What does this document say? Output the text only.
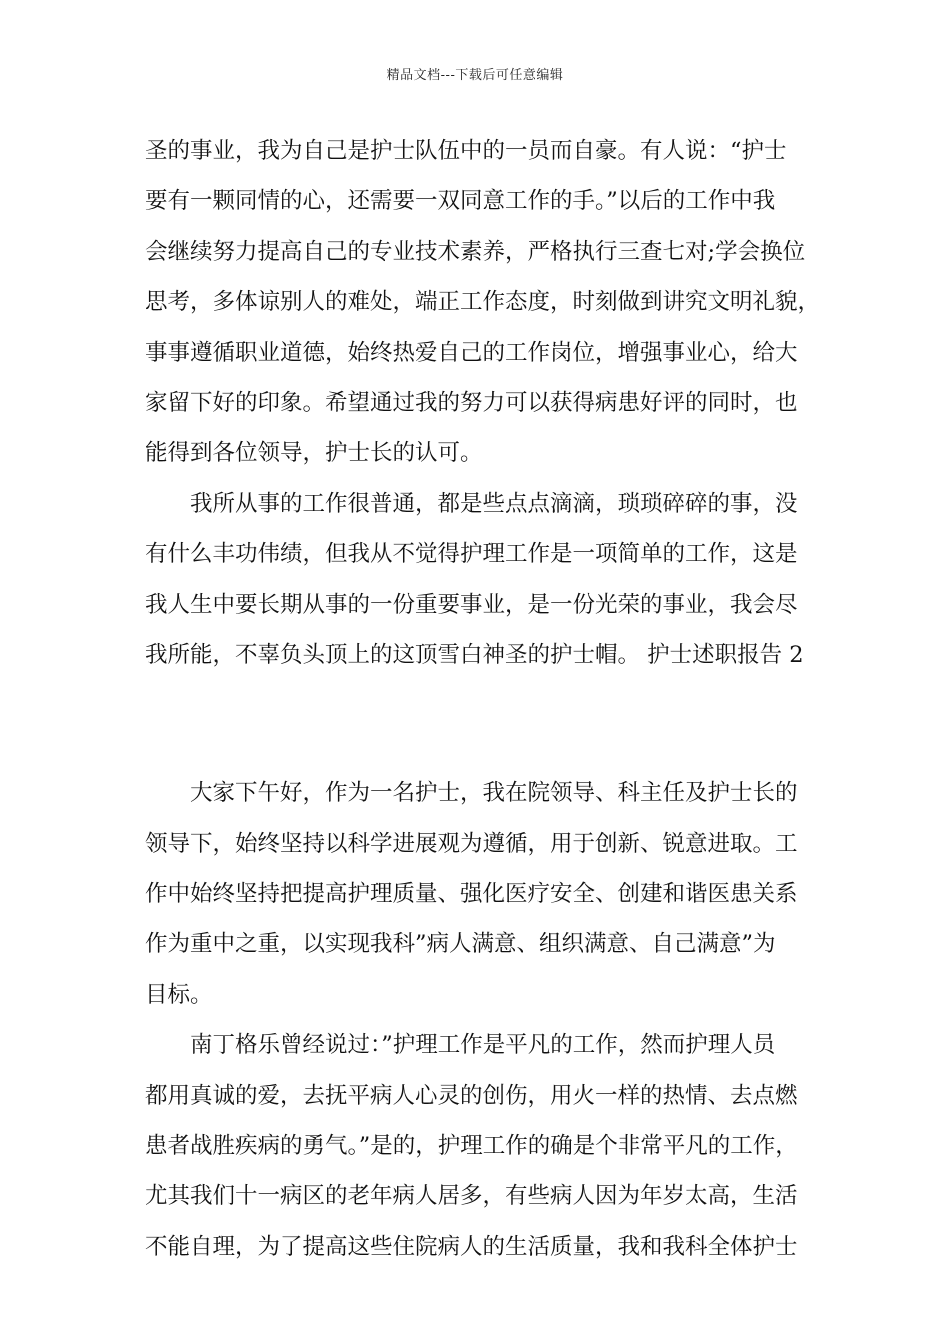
精品文档---下载后可任意编辑
圣的事业，我为自己是护士队伍中的一员而自豪。有人说：“护士
要有一颗同情的心，还需要一双同意工作的手。”以后的工作中我
会继续努力提高自己的专业技术素养，严格执行三查七对;学会换位
思考，多体谅别人的难处，端正工作态度，时刻做到讲究文明礼貌，
事事遵循职业道德，始终热爱自己的工作岗位，增强事业心，给大
家留下好的印象。希望通过我的努力可以获得病患好评的同时，也
能得到各位领导，护士长的认可。
我所从事的工作很普通，都是些点点滴滴，琐琐碎碎的事，没
有什么丰功伟绩，但我从不觉得护理工作是一项简单的工作，这是
我人生中要长期从事的一份重要事业，是一份光荣的事业，我会尽
我所能，不辜负头顶上的这顶雪白神圣的护士帽。 护士述职报告 2
大家下午好，作为一名护士，我在院领导、科主任及护士长的
领导下，始终坚持以科学进展观为遵循，用于创新、锐意进取。工
作中始终坚持把提高护理质量、强化医疗安全、创建和谐医患关系
作为重中之重，以实现我科”病人满意、组织满意、自己满意”为
目标。
南丁格乐曾经说过：”护理工作是平凡的工作，然而护理人员
都用真诚的爱，去抚平病人心灵的创伤，用火一样的热情、去点燃
患者战胜疾病的勇气。”是的，护理工作的确是个非常平凡的工作，
尤其我们十一病区的老年病人居多，有些病人因为年岁太高，生活
不能自理，为了提高这些住院病人的生活质量，我和我科全体护士
